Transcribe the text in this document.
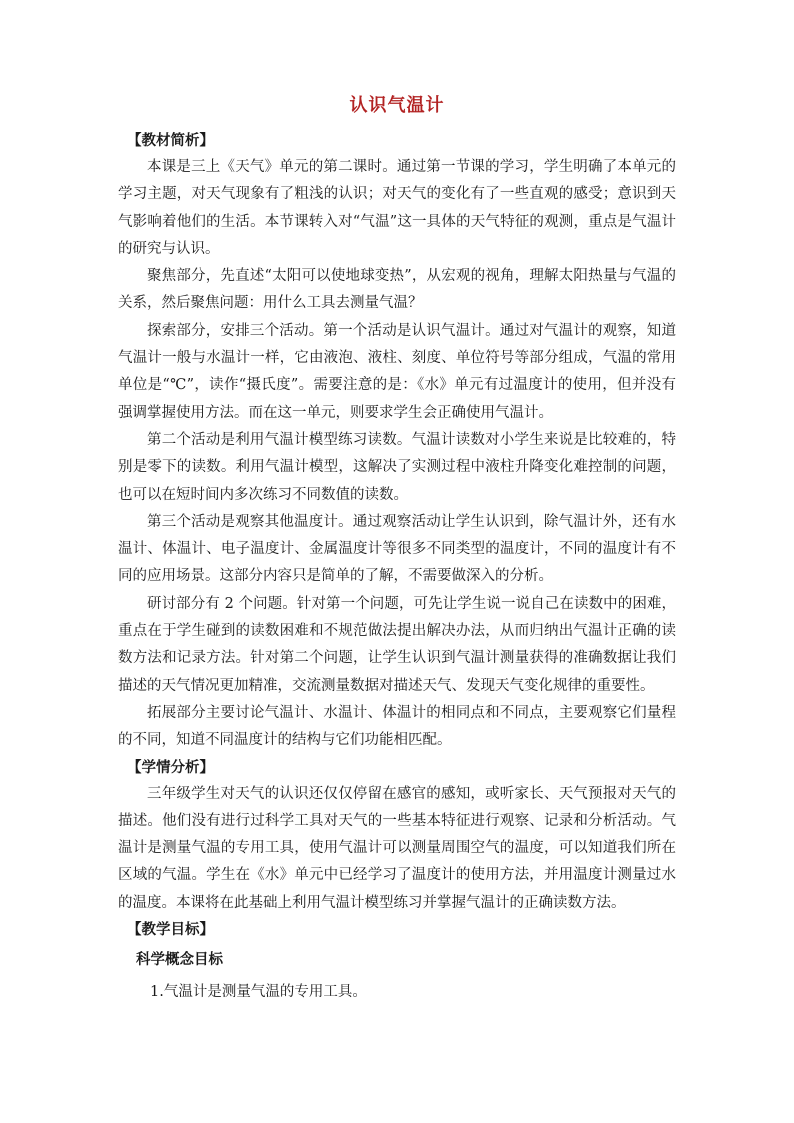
认识气温计
【教材简析】

本课是三上《天气》单元的第二课时。通过第一节课的学习，学生明确了本单元的学习主题，对天气现象有了粗浅的认识；对天气的变化有了一些直观的感受；意识到天气影响着他们的生活。本节课转入对“气温”这一具体的天气特征的观测，重点是气温计的研究与认识。

聚焦部分，先直述“太阳可以使地球变热”，从宏观的视角，理解太阳热量与气温的关系，然后聚焦问题：用什么工具去测量气温？

探索部分，安排三个活动。第一个活动是认识气温计。通过对气温计的观察，知道气温计一般与水温计一样，它由液泡、液柱、刻度、单位符号等部分组成，气温的常用单位是“℃”，读作“摄氏度”。需要注意的是：《水》单元有过温度计的使用，但并没有强调掌握使用方法。而在这一单元，则要求学生会正确使用气温计。

第二个活动是利用气温计模型练习读数。气温计读数对小学生来说是比较难的，特别是零下的读数。利用气温计模型，这解决了实测过程中液柱升降变化难控制的问题，也可以在短时间内多次练习不同数值的读数。

第三个活动是观察其他温度计。通过观察活动让学生认识到，除气温计外，还有水温计、体温计、电子温度计、金属温度计等很多不同类型的温度计，不同的温度计有不同的应用场景。这部分内容只是简单的了解，不需要做深入的分析。

研讨部分有 2 个问题。针对第一个问题，可先让学生说一说自己在读数中的困难，重点在于学生碰到的读数困难和不规范做法提出解决办法，从而归纳出气温计正确的读数方法和记录方法。针对第二个问题，让学生认识到气温计测量获得的准确数据让我们描述的天气情况更加精准，交流测量数据对描述天气、发现天气变化规律的重要性。

拓展部分主要讨论气温计、水温计、体温计的相同点和不同点，主要观察它们量程的不同，知道不同温度计的结构与它们功能相匹配。

【学情分析】

三年级学生对天气的认识还仅仅停留在感官的感知，或听家长、天气预报对天气的描述。他们没有进行过科学工具对天气的一些基本特征进行观察、记录和分析活动。气温计是测量气温的专用工具，使用气温计可以测量周围空气的温度，可以知道我们所在区域的气温。学生在《水》单元中已经学习了温度计的使用方法，并用温度计测量过水的温度。本课将在此基础上利用气温计模型练习并掌握气温计的正确读数方法。

【教学目标】
科学概念目标

1.气温计是测量气温的专用工具。
